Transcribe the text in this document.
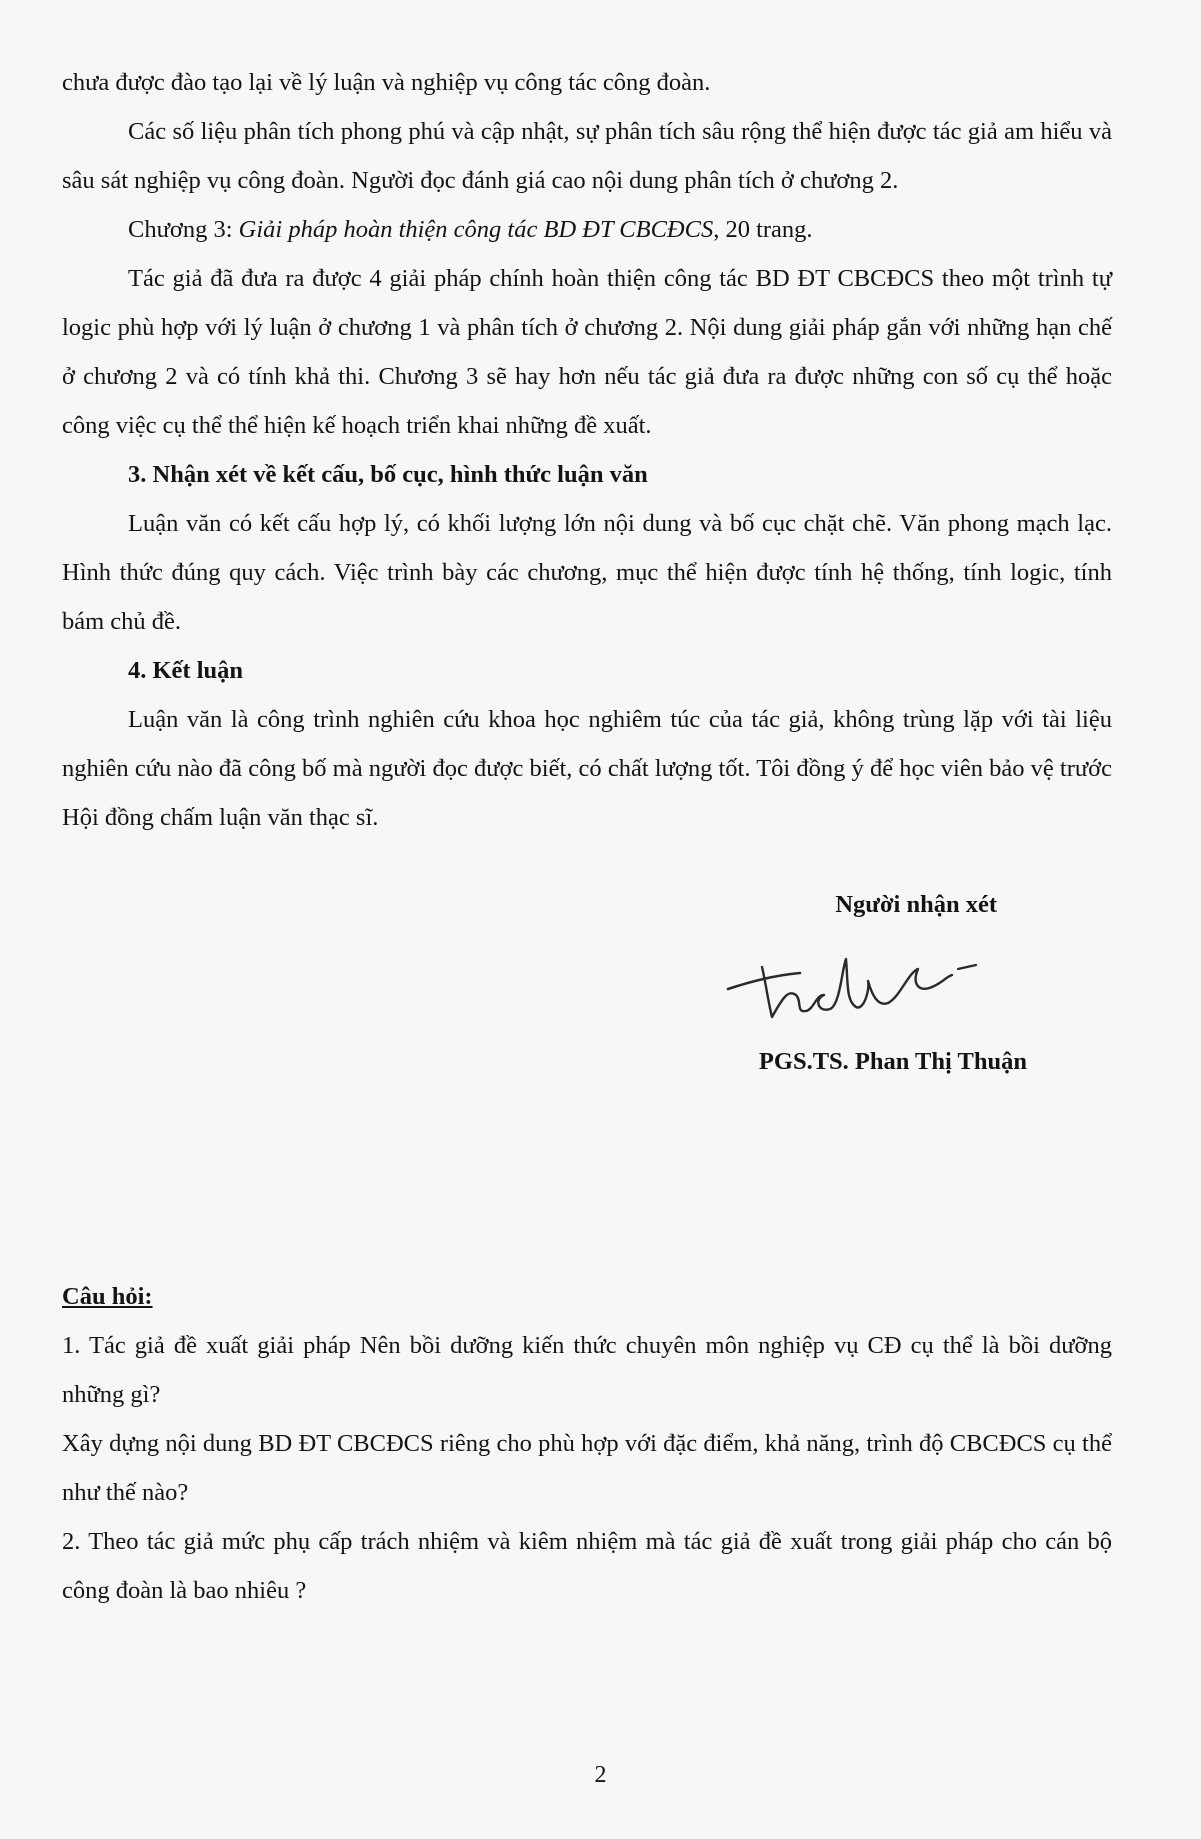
chưa được đào tạo lại về lý luận và nghiệp vụ công tác công đoàn.

Các số liệu phân tích phong phú và cập nhật, sự phân tích sâu rộng thể hiện được tác giả am hiểu và sâu sát nghiệp vụ công đoàn. Người đọc đánh giá cao nội dung phân tích ở chương 2.

Chương 3: Giải pháp hoàn thiện công tác BD ĐT CBCĐCS, 20 trang.

Tác giả đã đưa ra được 4 giải pháp chính hoàn thiện công tác BD ĐT CBCĐCS theo một trình tự logic phù hợp với lý luận ở chương 1 và phân tích ở chương 2. Nội dung giải pháp gắn với những hạn chế ở chương 2 và có tính khả thi. Chương 3 sẽ hay hơn nếu tác giả đưa ra được những con số cụ thể hoặc công việc cụ thể thể hiện kế hoạch triển khai những đề xuất.

3. Nhận xét về kết cấu, bố cục, hình thức luận văn

Luận văn có kết cấu hợp lý, có khối lượng lớn nội dung và bố cục chặt chẽ. Văn phong mạch lạc. Hình thức đúng quy cách. Việc trình bày các chương, mục thể hiện được tính hệ thống, tính logic, tính bám chủ đề.

4. Kết luận

Luận văn là công trình nghiên cứu khoa học nghiêm túc của tác giả, không trùng lặp với tài liệu nghiên cứu nào đã công bố mà người đọc được biết, có chất lượng tốt. Tôi đồng ý để học viên bảo vệ trước Hội đồng chấm luận văn thạc sĩ.

Người nhận xét
PGS.TS. Phan Thị Thuận

Câu hỏi:

1. Tác giả đề xuất giải pháp Nên bồi dưỡng kiến thức chuyên môn nghiệp vụ CĐ cụ thể là bồi dưỡng những gì?

Xây dựng nội dung BD ĐT CBCĐCS riêng cho phù hợp với đặc điểm, khả năng, trình độ CBCĐCS cụ thể như thế nào?

2. Theo tác giả mức phụ cấp trách nhiệm và kiêm nhiệm mà tác giả đề xuất trong giải pháp cho cán bộ công đoàn là bao nhiêu ?

2
